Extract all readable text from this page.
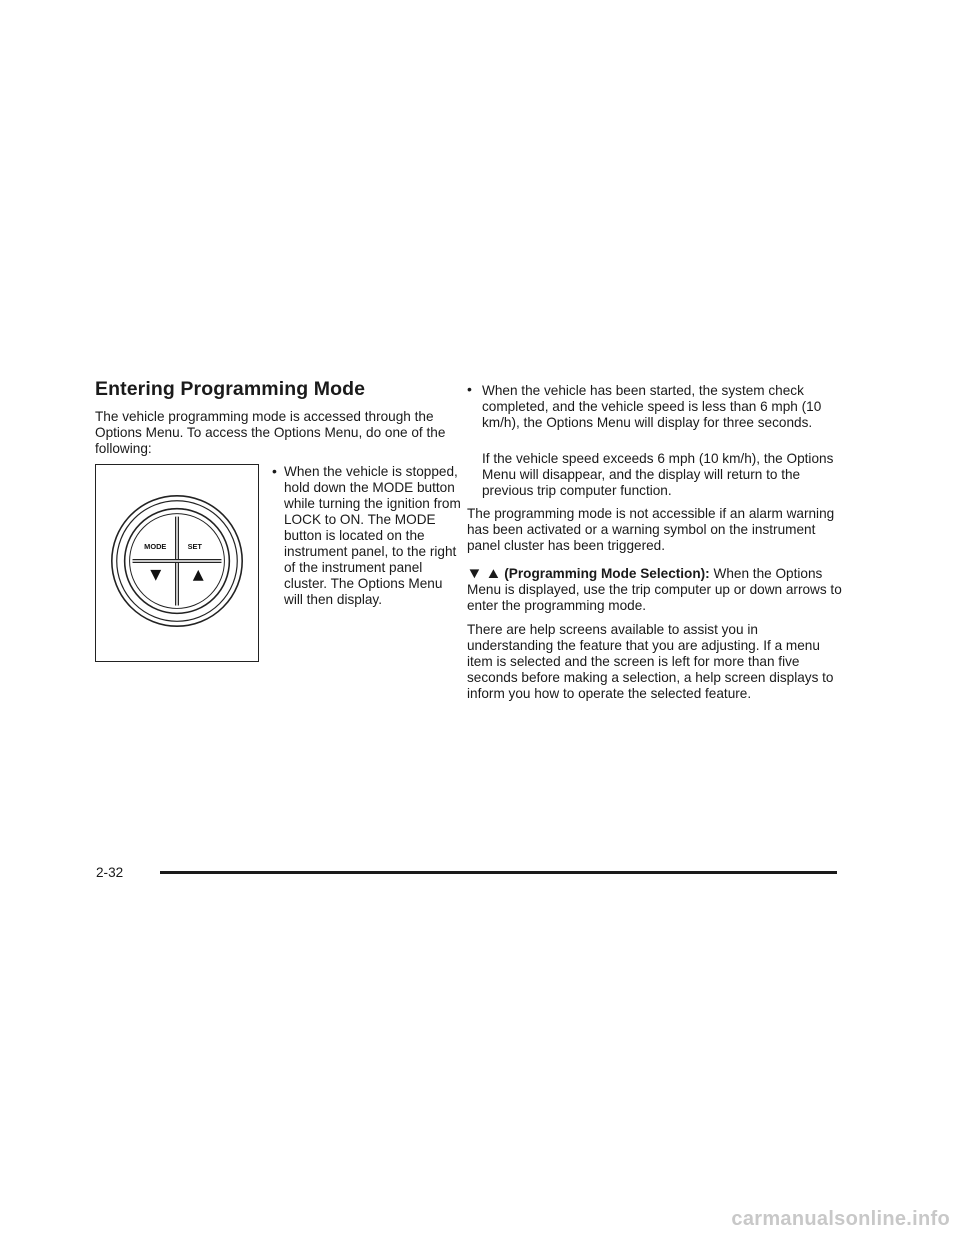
Entering Programming Mode

The vehicle programming mode is accessed through the Options Menu. To access the Options Menu, do one of the following:

MODE	SET
• When the vehicle is stopped, hold down the MODE button while turning the ignition from LOCK to ON. The MODE button is located on the instrument panel, to the right of the instrument panel cluster. The Options Menu will then display.

• When the vehicle has been started, the system check completed, and the vehicle speed is less than 6 mph (10 km/h), the Options Menu will display for three seconds.

If the vehicle speed exceeds 6 mph (10 km/h), the Options Menu will disappear, and the display will return to the previous trip computer function.

The programming mode is not accessible if an alarm warning has been activated or a warning symbol on the instrument panel cluster has been triggered.

▼ ▲ (Programming Mode Selection): When the Options Menu is displayed, use the trip computer up or down arrows to enter the programming mode.

There are help screens available to assist you in understanding the feature that you are adjusting. If a menu item is selected and the screen is left for more than five seconds before making a selection, a help screen displays to inform you how to operate the selected feature.

2-32
carmanualsonline.info
